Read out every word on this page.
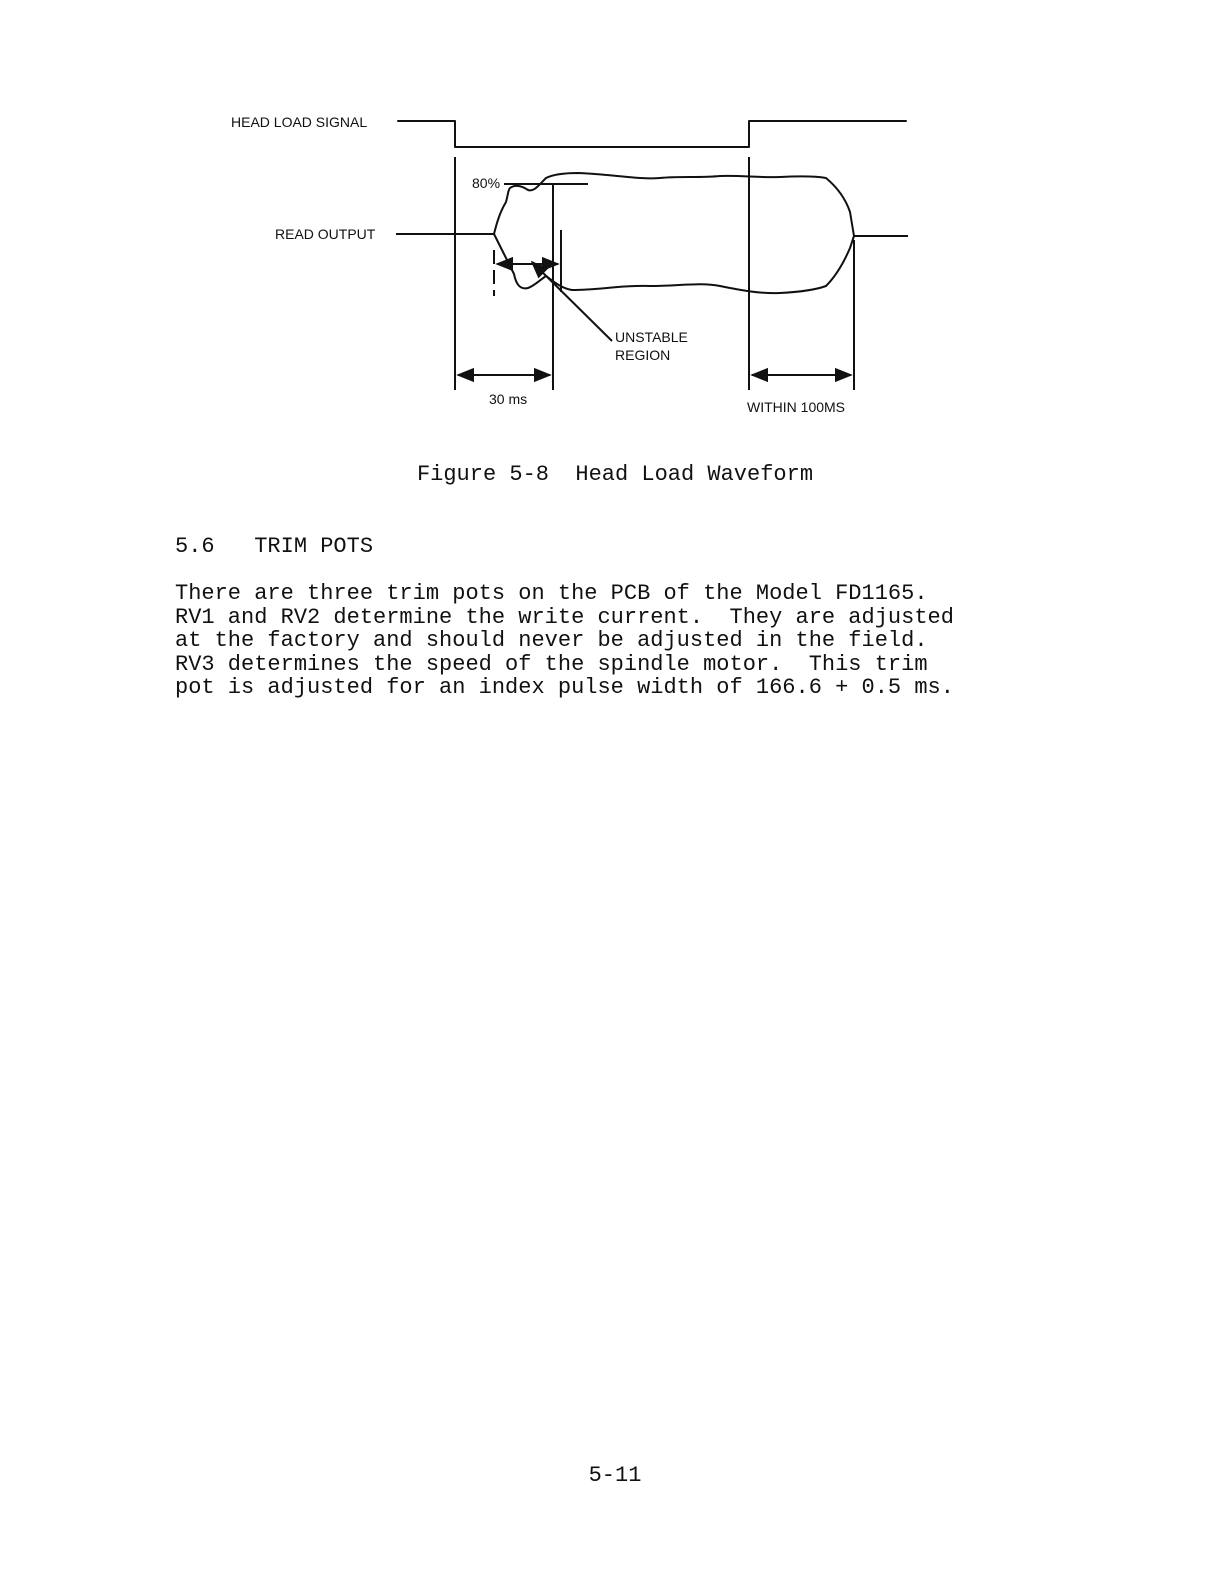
HEAD LOAD SIGNAL
READ OUTPUT
80%
UNSTABLE
REGION
30 ms	WITHIN 100MS
Figure 5-8  Head Load Waveform
5.6   TRIM POTS
There are three trim pots on the PCB of the Model FD1165.
RV1 and RV2 determine the write current.  They are adjusted
at the factory and should never be adjusted in the field.
RV3 determines the speed of the spindle motor.  This trim
pot is adjusted for an index pulse width of 166.6 + 0.5 ms.
5-11
